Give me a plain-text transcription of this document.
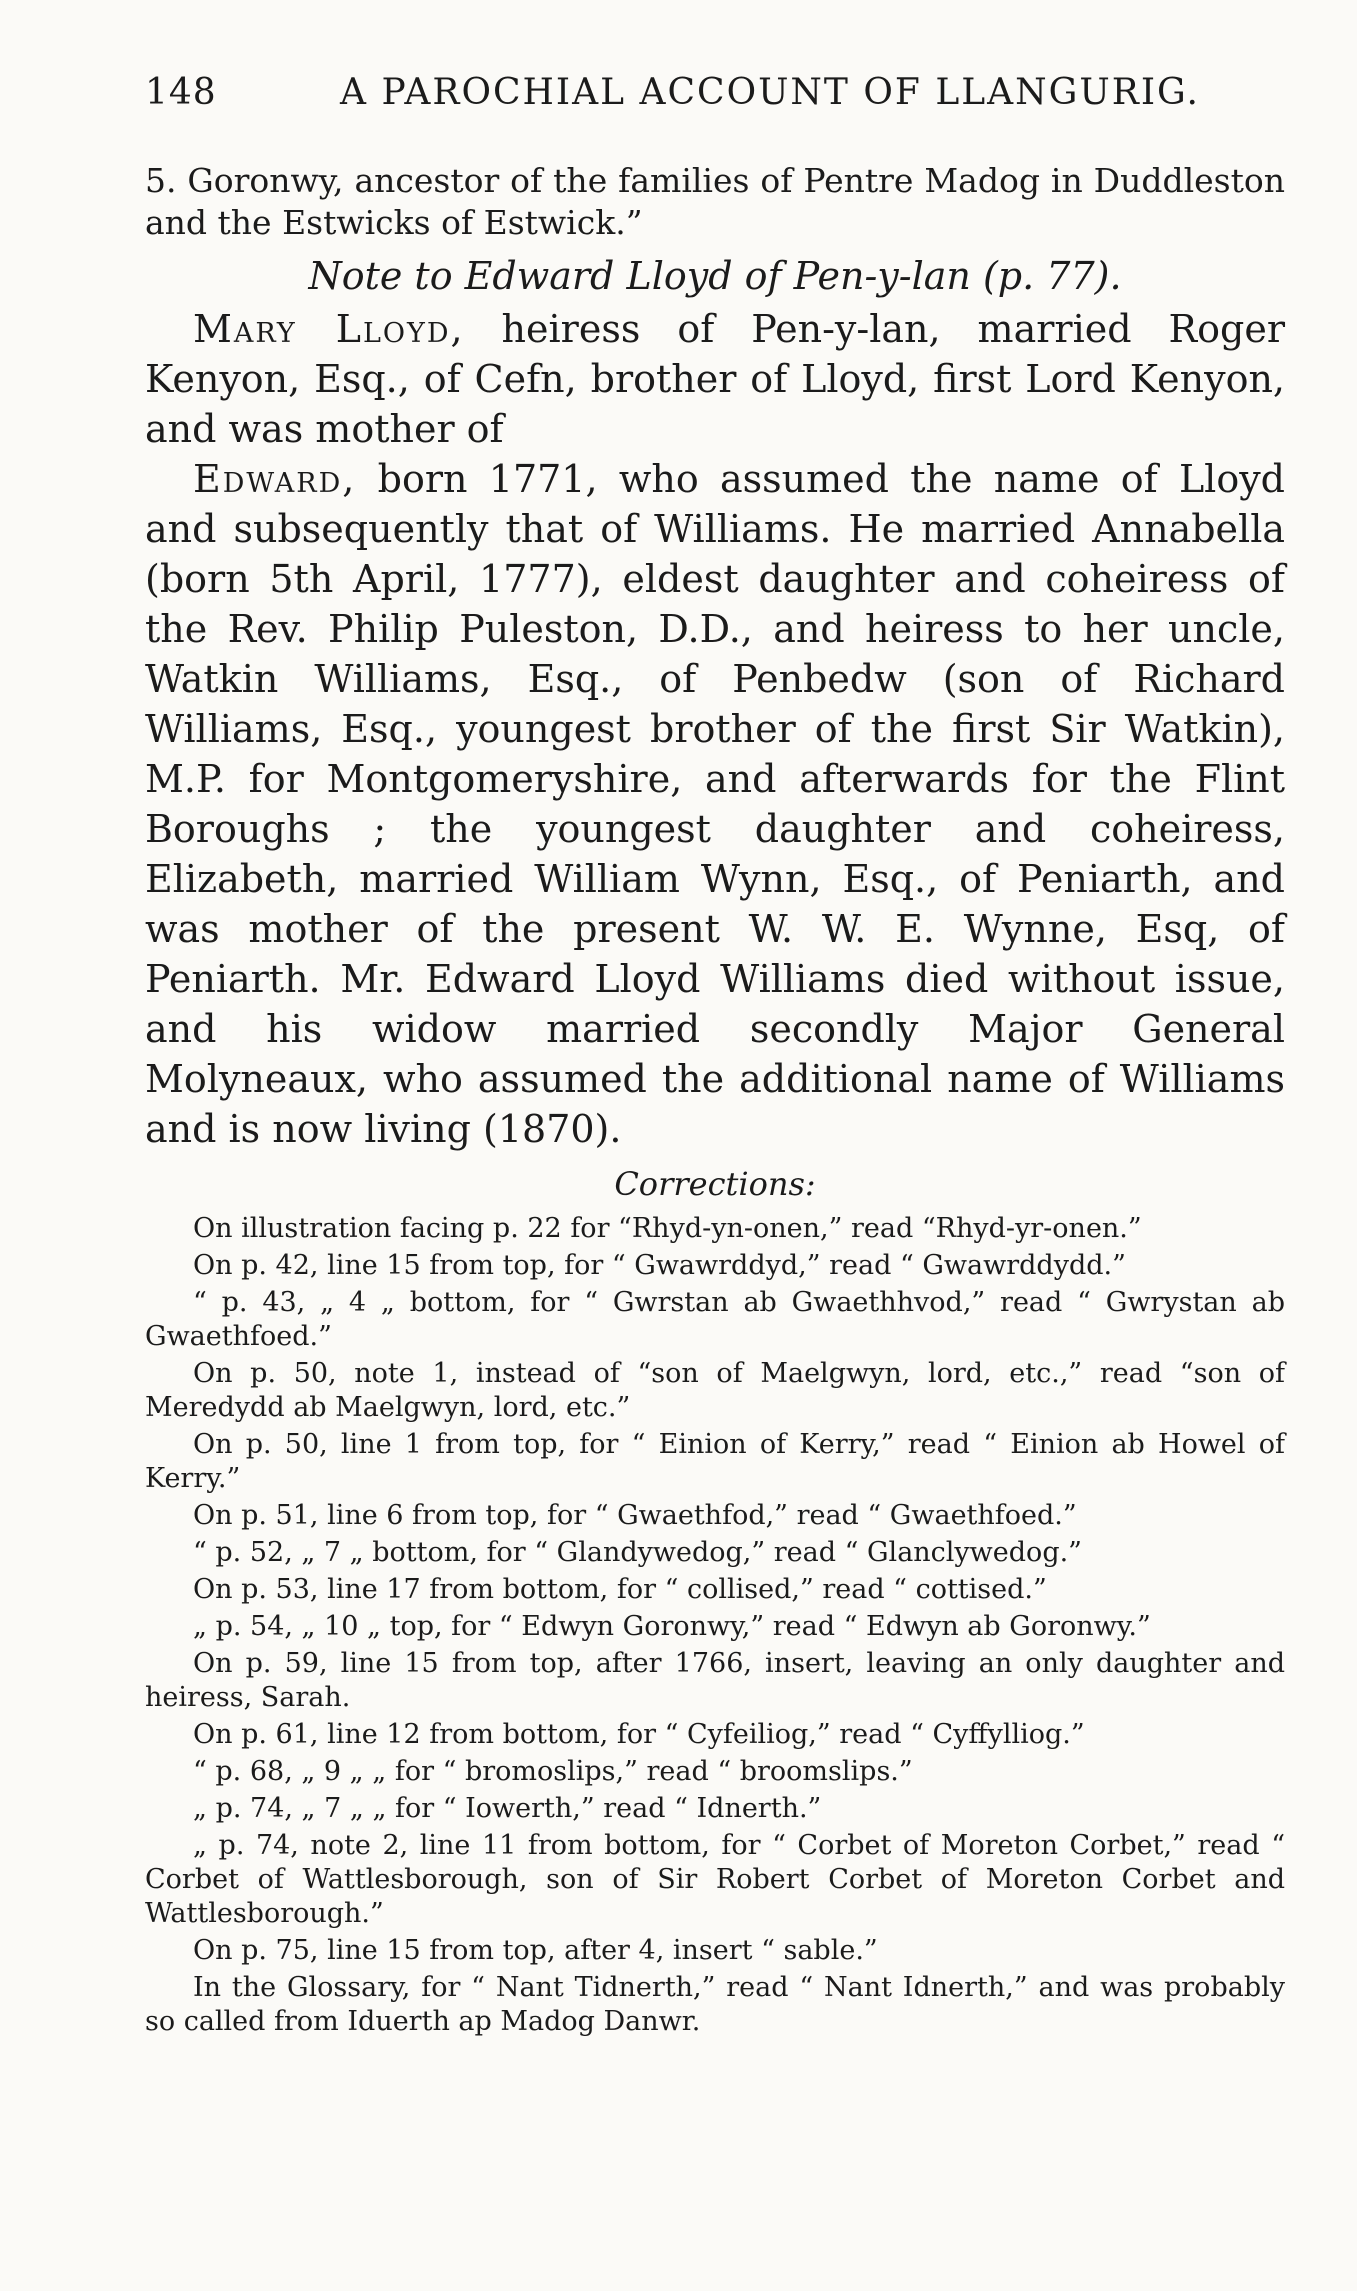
148	A PAROCHIAL ACCOUNT OF LLANGURIG.

5. Goronwy, ancestor of the families of Pentre Madog in Duddleston and the Estwicks of Estwick.”

Note to Edward Lloyd of Pen-y-lan (p. 77).

Mary Lloyd, heiress of Pen-y-lan, married Roger Kenyon, Esq., of Cefn, brother of Lloyd, first Lord Kenyon, and was mother of

Edward, born 1771, who assumed the name of Lloyd and subsequently that of Williams. He married Annabella (born 5th April, 1777), eldest daughter and coheiress of the Rev. Philip Puleston, D.D., and heiress to her uncle, Watkin Williams, Esq., of Penbedw (son of Richard Williams, Esq., youngest brother of the first Sir Watkin), M.P. for Montgomeryshire, and afterwards for the Flint Boroughs ; the youngest daughter and coheiress, Elizabeth, married William Wynn, Esq., of Peniarth, and was mother of the present W. W. E. Wynne, Esq, of Peniarth. Mr. Edward Lloyd Williams died without issue, and his widow married secondly Major General Molyneaux, who assumed the additional name of Williams and is now living (1870).

Corrections:

On illustration facing p. 22 for “Rhyd-yn-onen,” read “Rhyd-yr-onen.”

On p. 42, line 15 from top, for “ Gwawrddyd,” read “ Gwawrddydd.”

“ p. 43, „ 4 „ bottom, for “ Gwrstan ab Gwaethhvod,” read “ Gwrystan ab Gwaethfoed.”

On p. 50, note 1, instead of “son of Maelgwyn, lord, etc.,” read “son of Meredydd ab Maelgwyn, lord, etc.”

On p. 50, line 1 from top, for “ Einion of Kerry,” read “ Einion ab Howel of Kerry.”

On p. 51, line 6 from top, for “ Gwaethfod,” read “ Gwaethfoed.”

“ p. 52, „ 7 „ bottom, for “ Glandywedog,” read “ Glanclywedog.”

On p. 53, line 17 from bottom, for “ collised,” read “ cottised.”

„ p. 54, „ 10 „ top, for “ Edwyn Goronwy,” read “ Edwyn ab Goronwy.”

On p. 59, line 15 from top, after 1766, insert, leaving an only daughter and heiress, Sarah.

On p. 61, line 12 from bottom, for “ Cyfeiliog,” read “ Cyffylliog.”

“ p. 68, „ 9 „ „ for “ bromoslips,” read “ broomslips.”

„ p. 74, „ 7 „ „ for “ Iowerth,” read “ Idnerth.”

„ p. 74, note 2, line 11 from bottom, for “ Corbet of Moreton Corbet,” read “ Corbet of Wattlesborough, son of Sir Robert Corbet of Moreton Corbet and Wattlesborough.”

On p. 75, line 15 from top, after 4, insert “ sable.”

In the Glossary, for “ Nant Tidnerth,” read “ Nant Idnerth,” and was probably so called from Iduerth ap Madog Danwr.
